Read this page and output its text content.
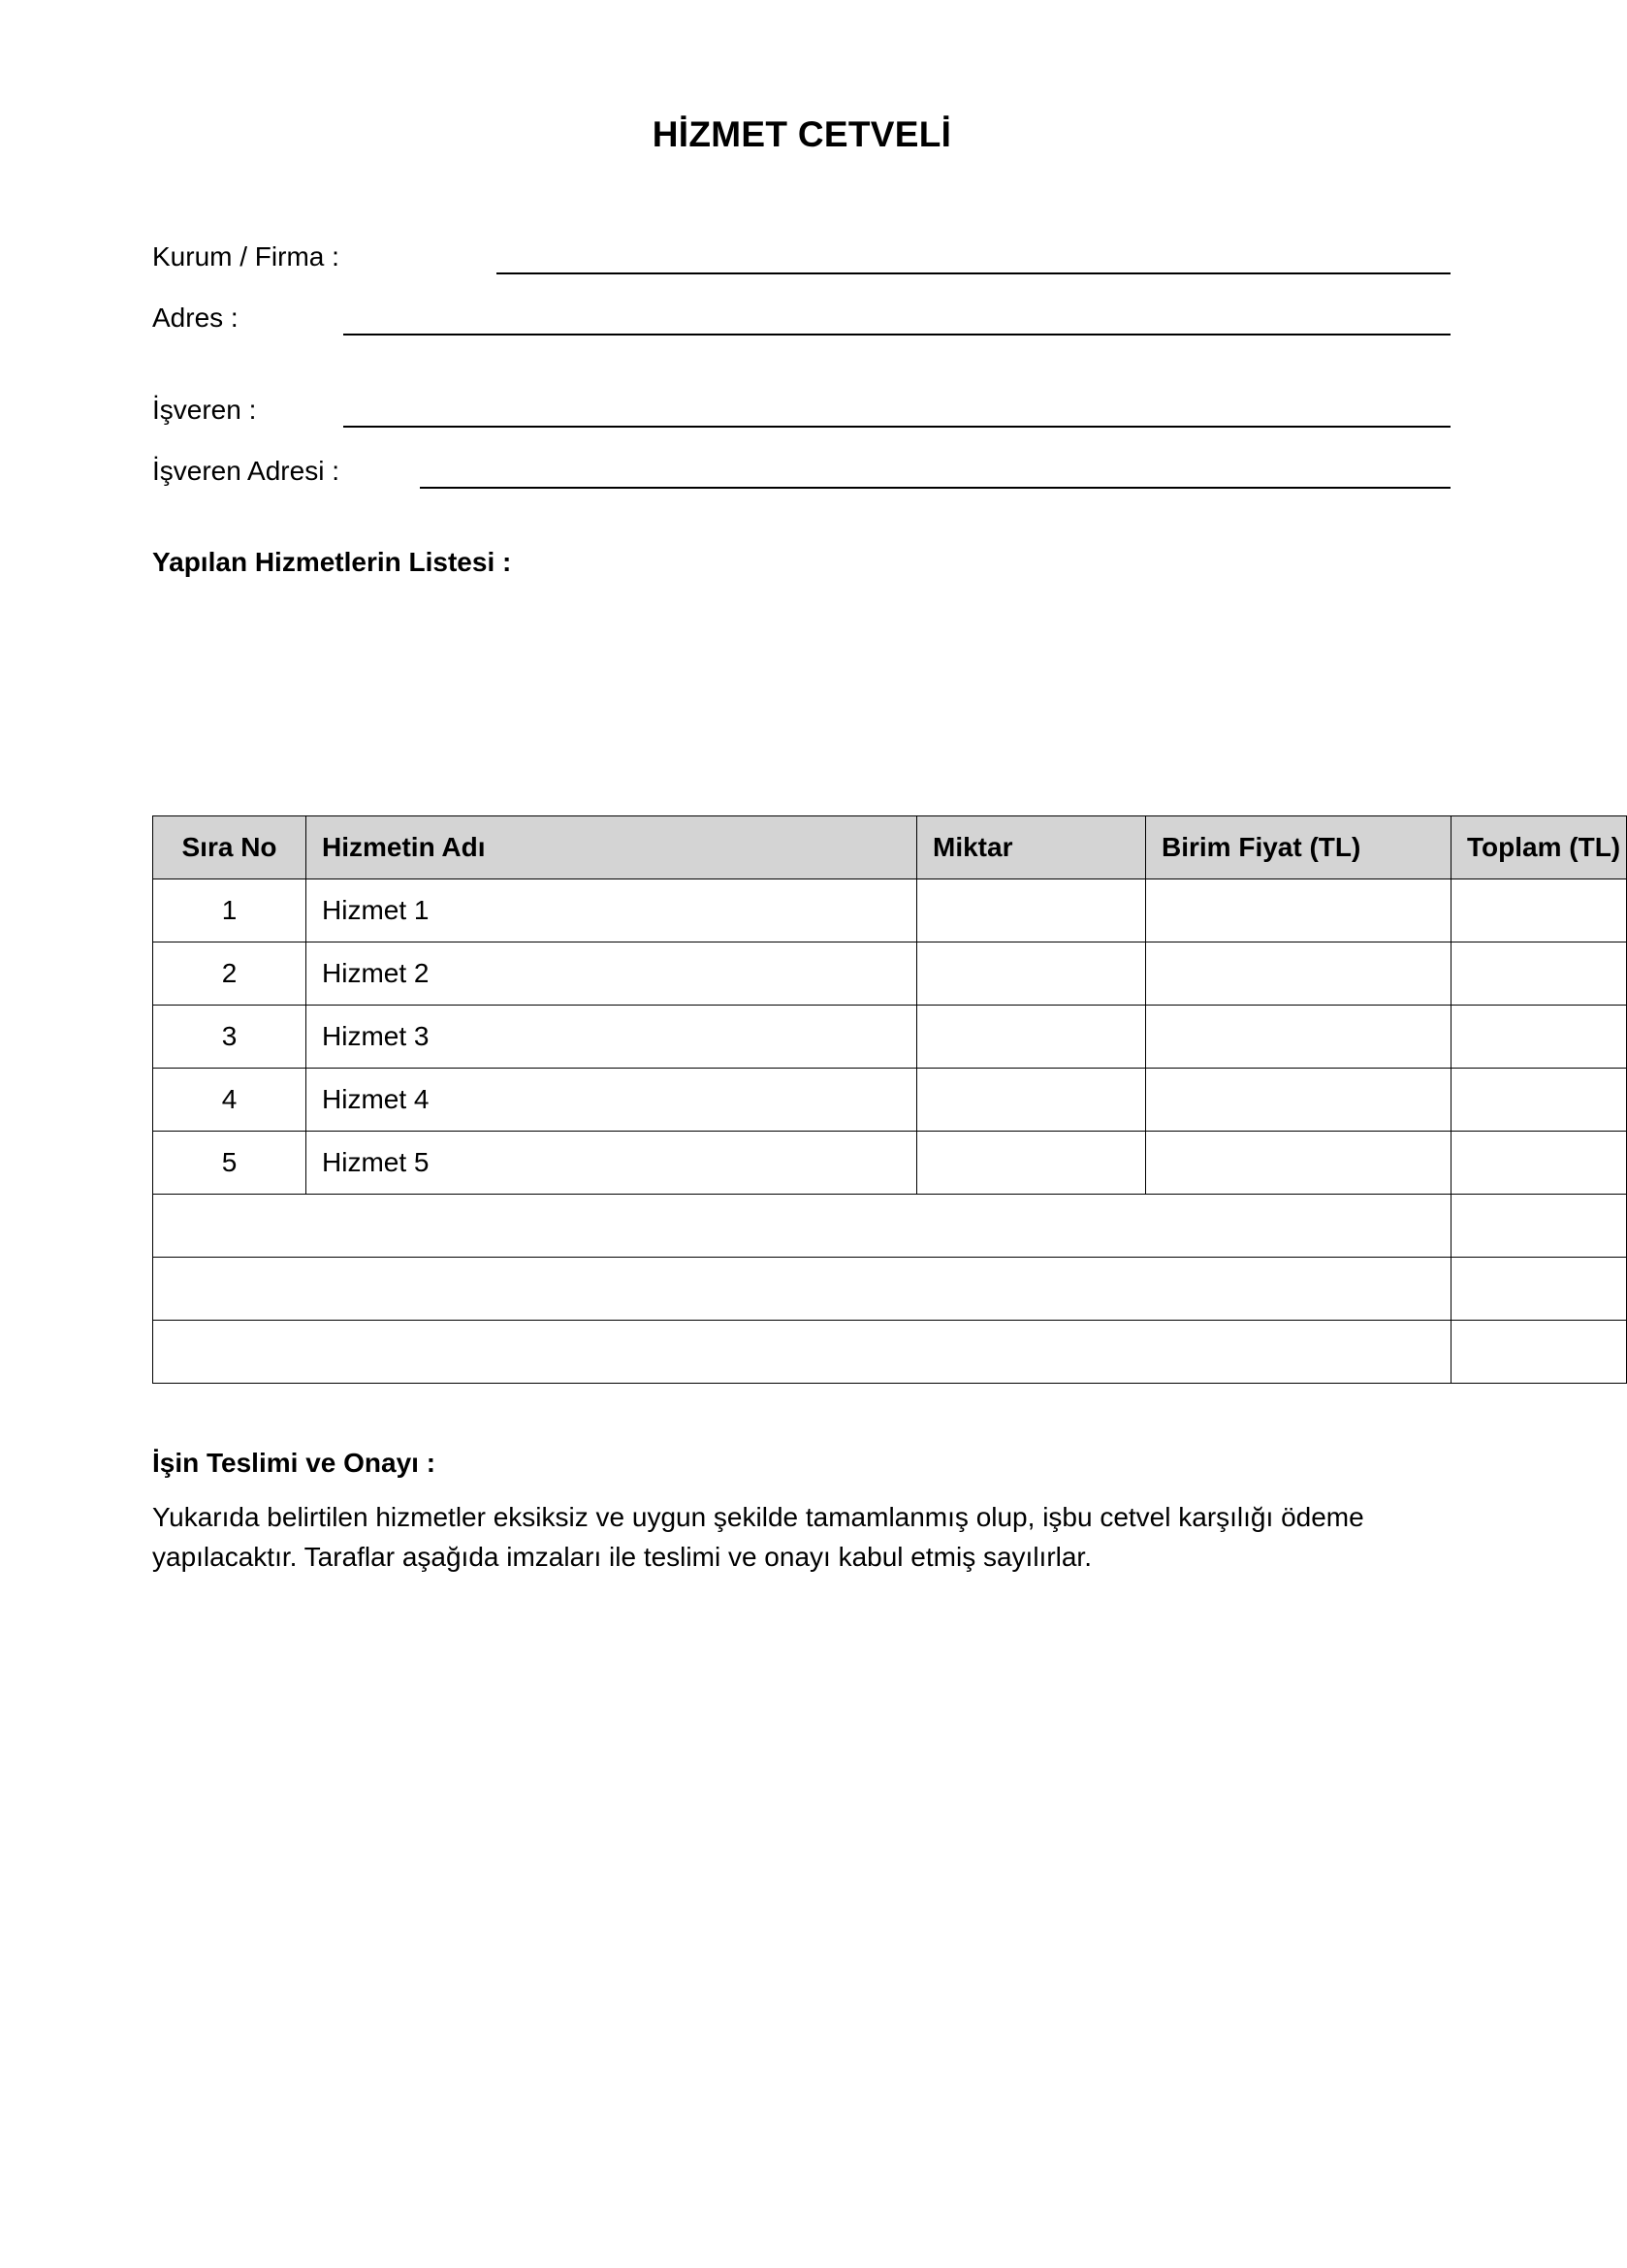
HİZMET CETVELİ
Kurum / Firma :
Adres :
İşveren :
İşveren Adresi :
Yapılan Hizmetlerin Listesi :
Sıra No	Hizmetin Adı	Miktar	Birim Fiyat (TL)	Toplam (TL)
1	Hizmet 1			
2	Hizmet 2			
3	Hizmet 3			
4	Hizmet 4			
5	Hizmet 5			

İşin Teslimi ve Onayı :
Yukarıda belirtilen hizmetler eksiksiz ve uygun şekilde tamamlanmış olup, işbu cetvel karşılığı ödeme yapılacaktır. Taraflar aşağıda imzaları ile teslimi ve onayı kabul etmiş sayılırlar.
